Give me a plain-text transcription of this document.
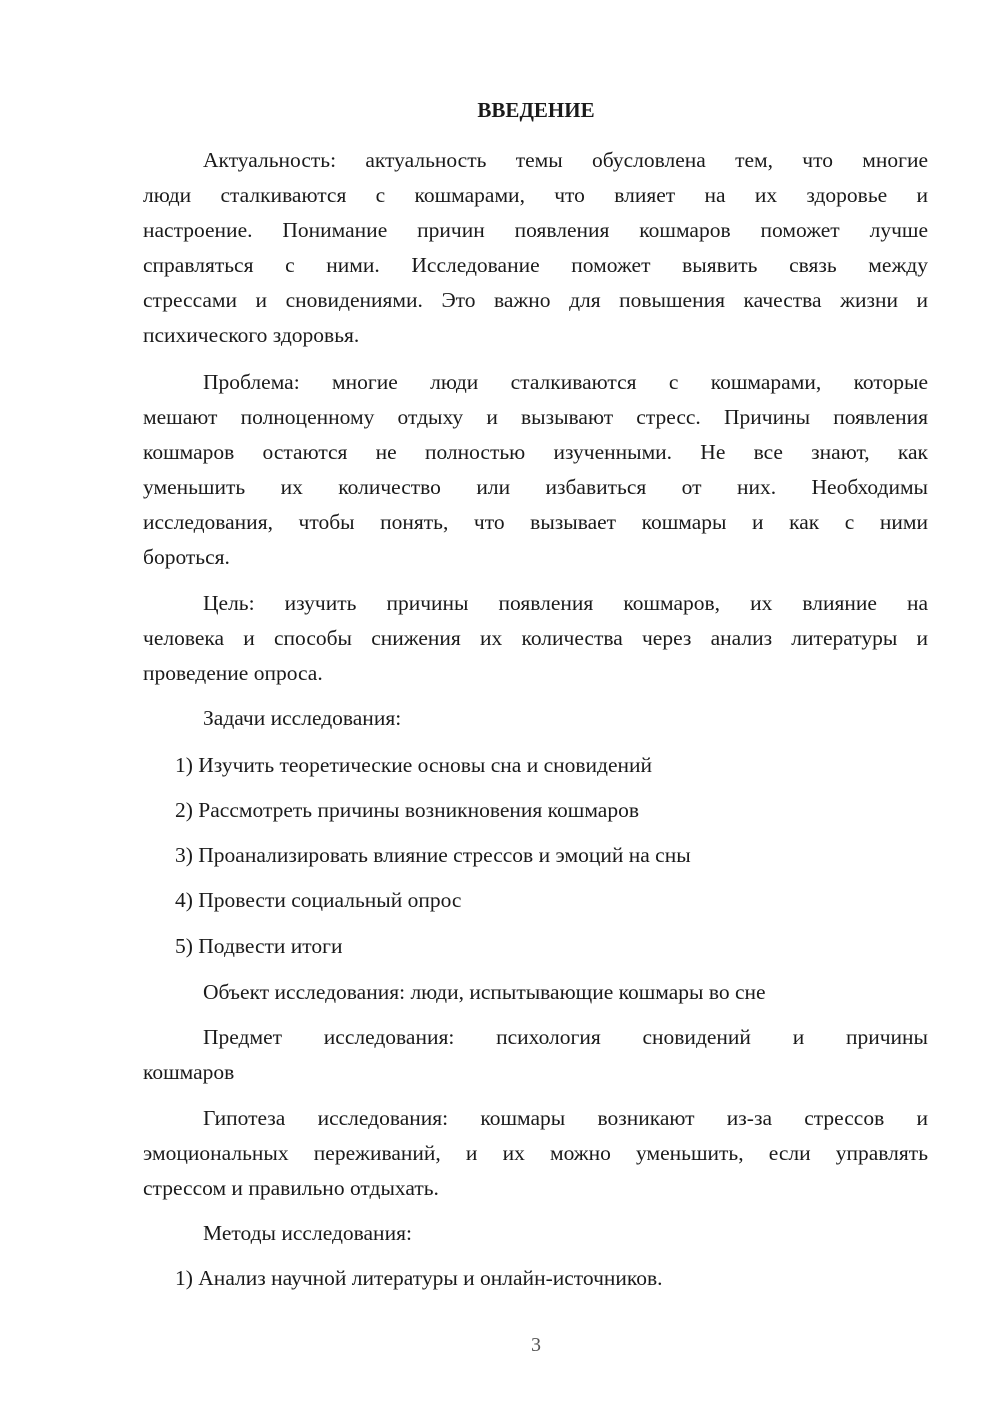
ВВЕДЕНИЕ
Актуальность: актуальность темы обусловлена тем, что многие
люди сталкиваются с кошмарами, что влияет на их здоровье и
настроение. Понимание причин появления кошмаров поможет лучше
справляться с ними. Исследование поможет выявить связь между
стрессами и сновидениями. Это важно для повышения качества жизни и
психического здоровья.
Проблема: многие люди сталкиваются с кошмарами, которые
мешают полноценному отдыху и вызывают стресс. Причины появления
кошмаров остаются не полностью изученными. Не все знают, как
уменьшить их количество или избавиться от них. Необходимы
исследования, чтобы понять, что вызывает кошмары и как с ними
бороться.
Цель: изучить причины появления кошмаров, их влияние на
человека и способы снижения их количества через анализ литературы и
проведение опроса.
Задачи исследования:
1) Изучить теоретические основы сна и сновидений
2) Рассмотреть причины возникновения кошмаров
3) Проанализировать влияние стрессов и эмоций на сны
4) Провести социальный опрос
5) Подвести итоги
Объект исследования: люди, испытывающие кошмары во сне
Предмет исследования: психология сновидений и причины
кошмаров
Гипотеза исследования: кошмары возникают из-за стрессов и
эмоциональных переживаний, и их можно уменьшить, если управлять
стрессом и правильно отдыхать.
Методы исследования:
1) Анализ научной литературы и онлайн-источников.
3
